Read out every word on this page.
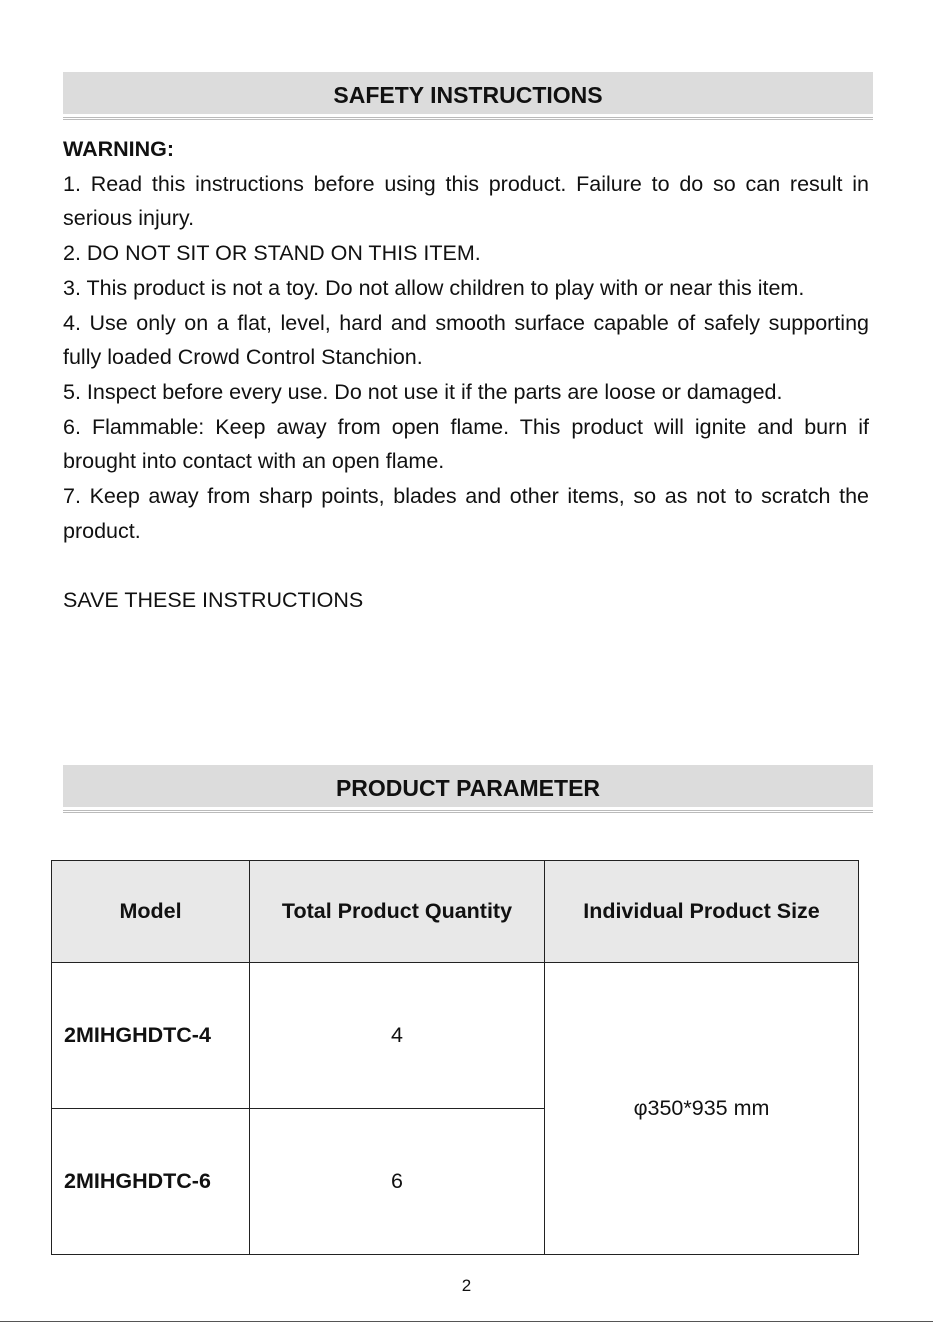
SAFETY INSTRUCTIONS
WARNING:
1. Read this instructions before using this product. Failure to do so can result in serious injury.
2. DO NOT SIT OR STAND ON THIS ITEM.
3. This product is not a toy. Do not allow children to play with or near this item.
4. Use only on a flat, level, hard and smooth surface capable of safely supporting fully loaded Crowd Control Stanchion.
5. Inspect before every use. Do not use it if the parts are loose or damaged.
6. Flammable: Keep away from open flame. This product will ignite and burn if brought into contact with an open flame.
7. Keep away from sharp points, blades and other items, so as not to scratch the product.
SAVE THESE INSTRUCTIONS
PRODUCT PARAMETER
Model	Total Product Quantity	Individual Product Size
2MIHGHDTC-4	4	φ350*935 mm
2MIHGHDTC-6	6	
2
